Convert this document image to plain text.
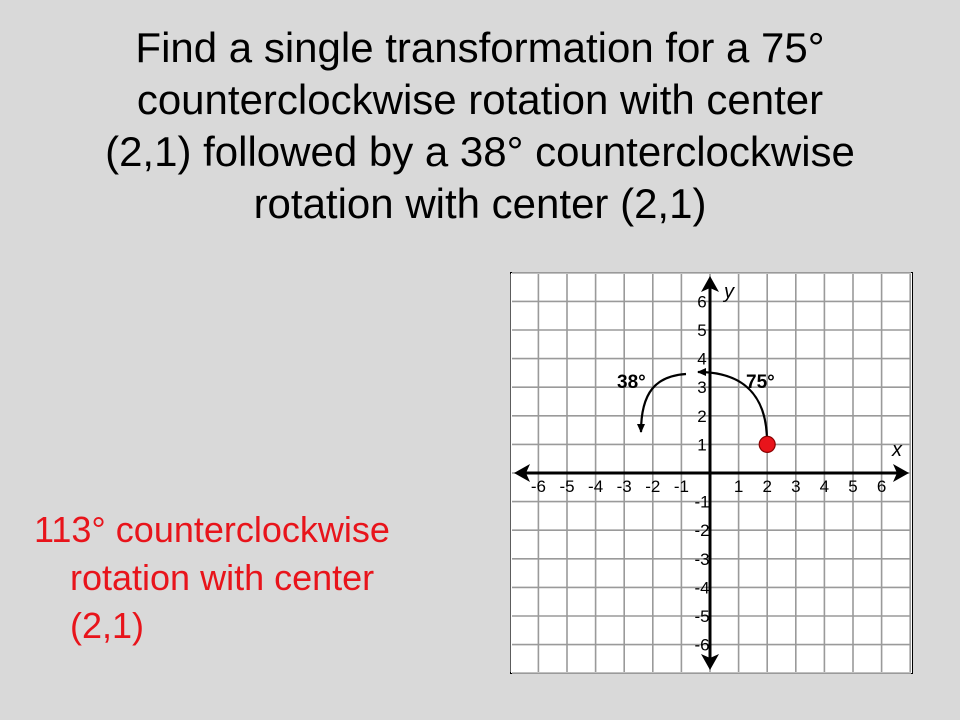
Find a single transformation for a 75°
counterclockwise rotation with center
(2,1) followed by a 38° counterclockwise
rotation with center (2,1)
113° counterclockwise
rotation with center
(2,1)
-6 -5 -4 -3 -2 -1	1 2 3 4 5 6
6
5
4
3
2
1
-1
-2
-3
-4
-5
-6
x
y
75°
38°
